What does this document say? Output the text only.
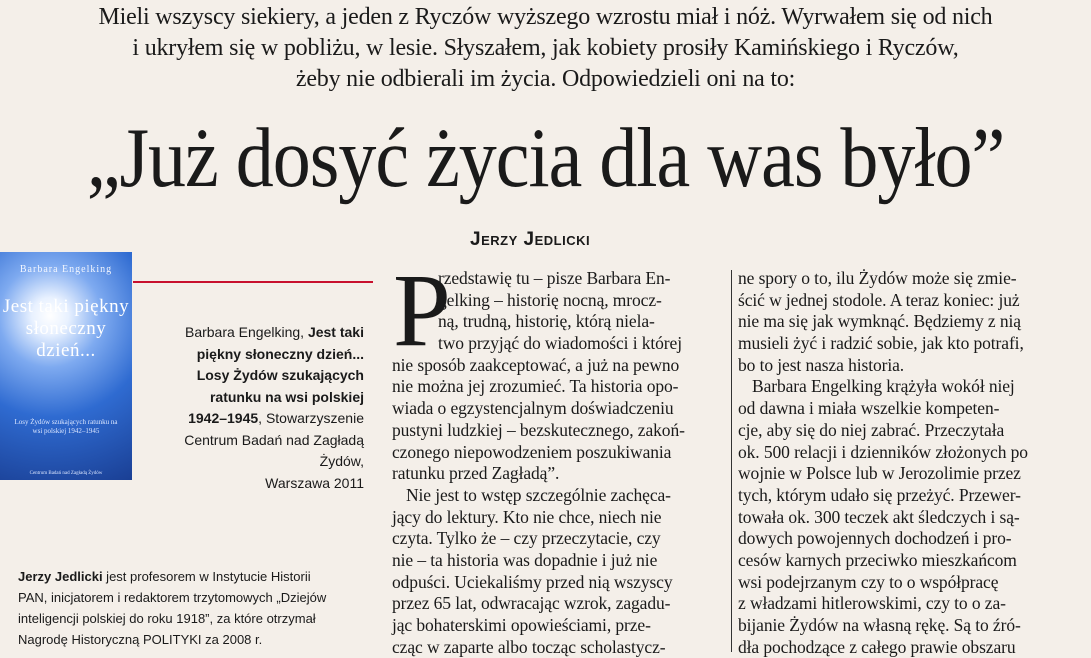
Mieli wszyscy siekiery, a jeden z Ryczów wyższego wzrostu miał i nóż. Wyrwałem się od nich
i ukryłem się w pobliżu, w lesie. Słyszałem, jak kobiety prosiły Kamińskiego i Ryczów,
żeby nie odbierali im życia. Odpowiedzieli oni na to:
„Już dosyć życia dla was było”
Jerzy Jedlicki
Barbara Engelking
Jest taki piękny słoneczny dzień...
Losy Żydów szukających ratunku na wsi polskiej 1942–1945
Centrum Badań nad Zagładą Żydów
Barbara Engelking, Jest taki
piękny słoneczny dzień...
Losy Żydów szukających
ratunku na wsi polskiej
1942–1945, Stowarzyszenie
Centrum Badań nad Zagładą Żydów,
Warszawa 2011
Jerzy Jedlicki jest profesorem w Instytucie Historii
PAN, inicjatorem i redaktorem trzytomowych „Dziejów
inteligencji polskiej do roku 1918”, za które otrzymał
Nagrodę Historyczną POLITYKI za 2008 r.
P
rzedstawię tu – pisze Barbara En-
gelking – historię nocną, mrocz-
ną, trudną, historię, którą niela-
two przyjąć do wiadomości i której
nie sposób zaakceptować, a już na pewno
nie można jej zrozumieć. Ta historia opo-
wiada o egzystencjalnym doświadczeniu
pustyni ludzkiej – bezskutecznego, zakoń-
czonego niepowodzeniem poszukiwania
ratunku przed Zagładą”.
Nie jest to wstęp szczególnie zachęca-
jący do lektury. Kto nie chce, niech nie
czyta. Tylko że – czy przeczytacie, czy
nie – ta historia was dopadnie i już nie
odpuści. Uciekaliśmy przed nią wszyscy
przez 65 lat, odwracając wzrok, zagadu-
jąc bohaterskimi opowieściami, prze-
cząc w zaparte albo tocząc scholastycz-
ne spory o to, ilu Żydów może się zmie-
ścić w jednej stodole. A teraz koniec: już
nie ma się jak wymknąć. Będziemy z nią
musieli żyć i radzić sobie, jak kto potrafi,
bo to jest nasza historia.
Barbara Engelking krążyła wokół niej
od dawna i miała wszelkie kompeten-
cje, aby się do niej zabrać. Przeczytała
ok. 500 relacji i dzienników złożonych po
wojnie w Polsce lub w Jerozolimie przez
tych, którym udało się przeżyć. Przewer-
towała ok. 300 teczek akt śledczych i są-
dowych powojennych dochodzeń i pro-
cesów karnych przeciwko mieszkańcom
wsi podejrzanym czy to o współpracę
z władzami hitlerowskimi, czy to o za-
bijanie Żydów na własną rękę. Są to źró-
dła pochodzące z całego prawie obszaru
